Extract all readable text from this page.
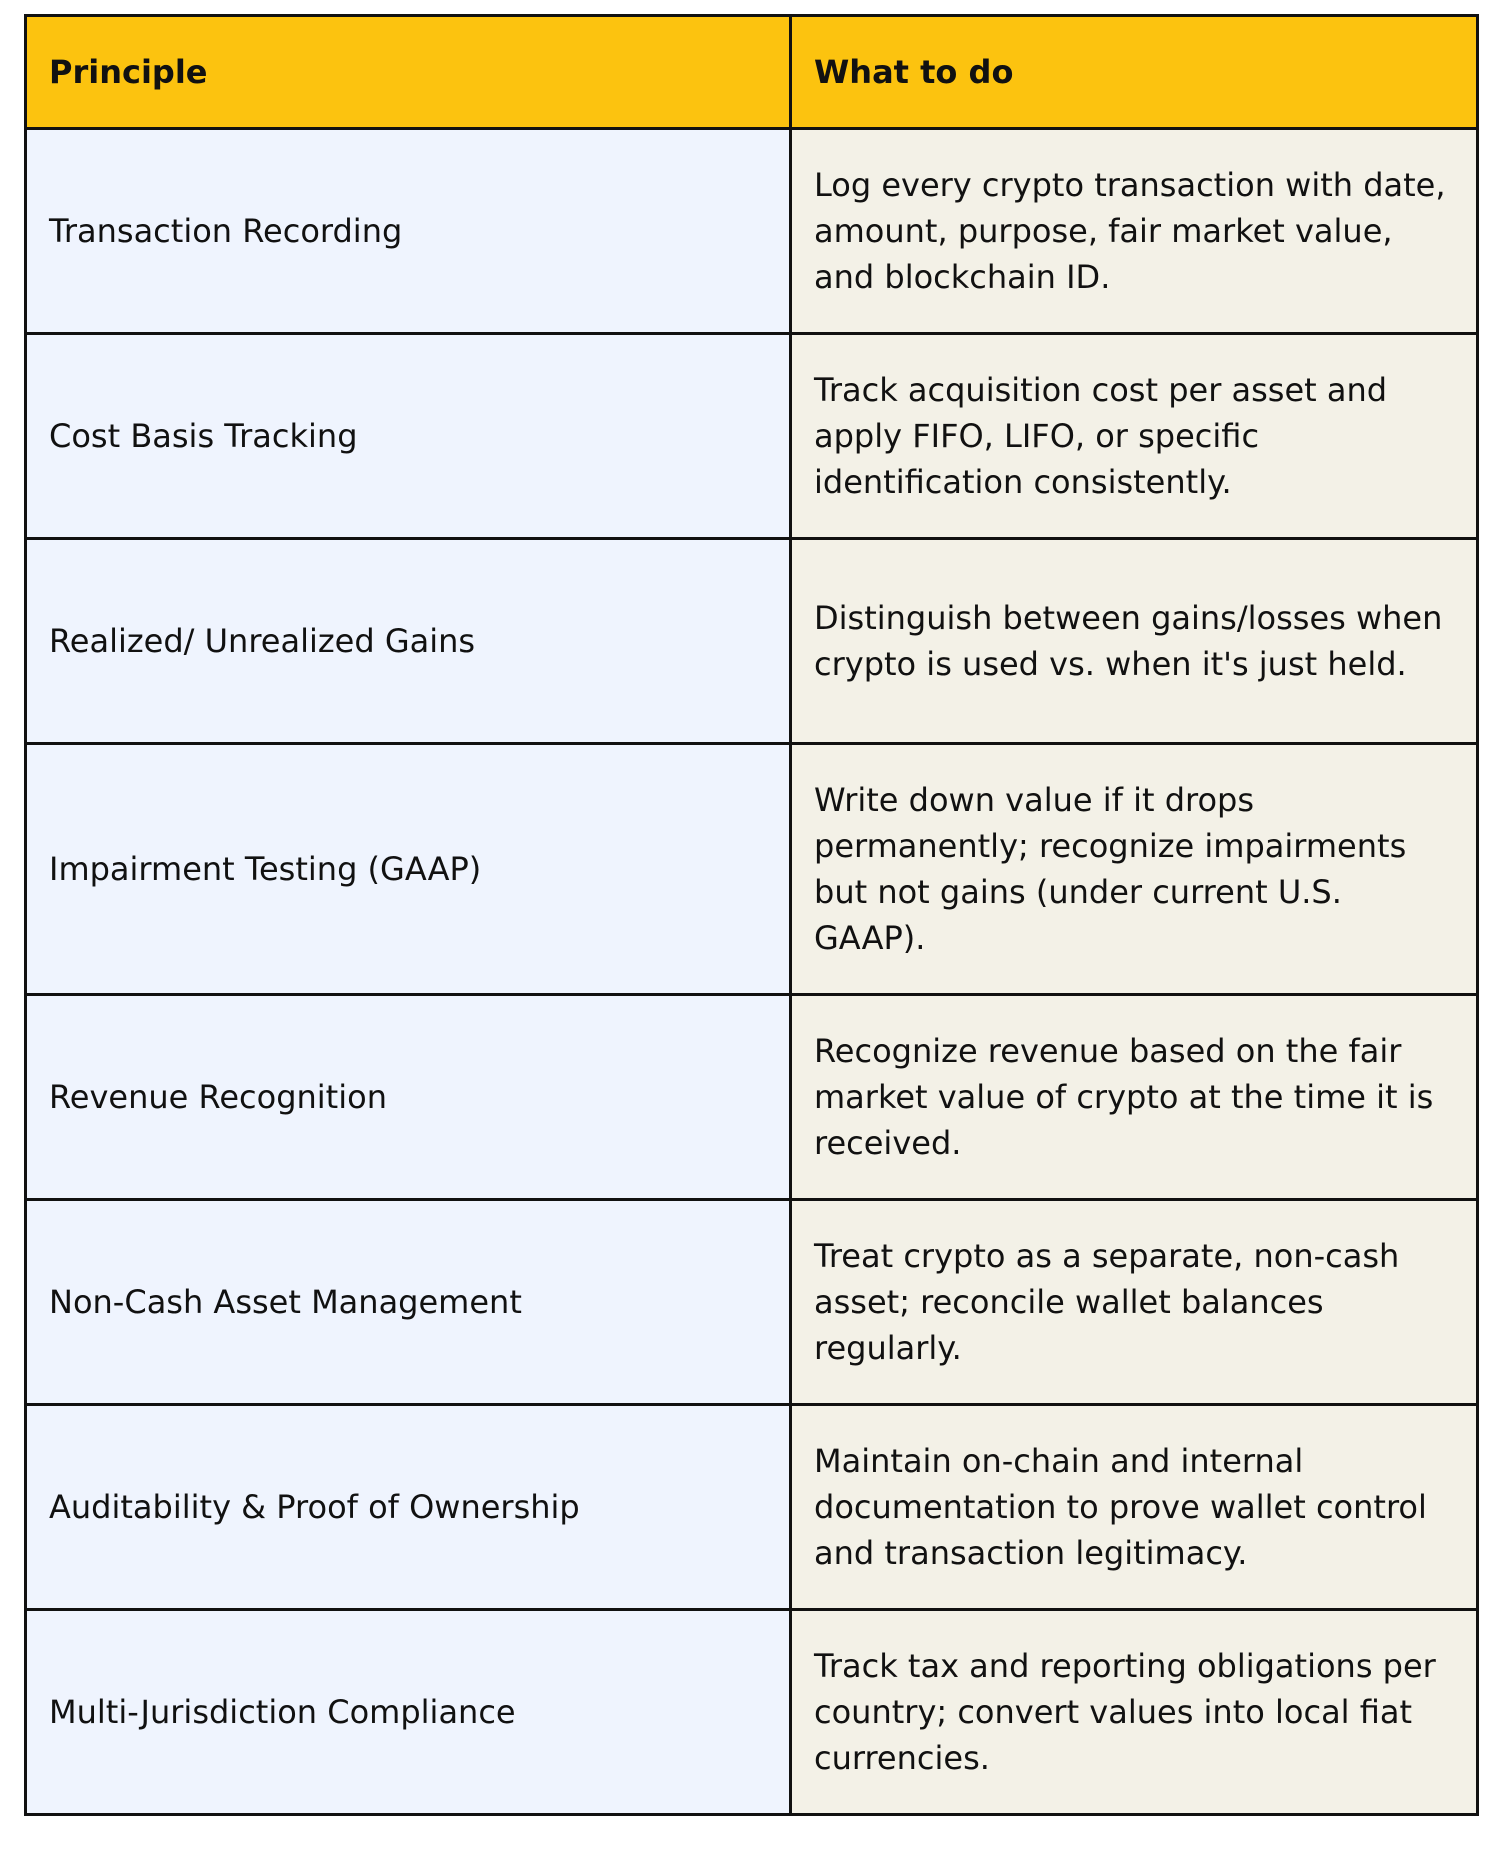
Principle	What to do
Transaction Recording	Log every crypto transaction with date, amount, purpose, fair market value, and blockchain ID.
Cost Basis Tracking	Track acquisition cost per asset and apply FIFO, LIFO, or specific identification consistently.
Realized/ Unrealized Gains	Distinguish between gains/losses when crypto is used vs. when it's just held.
Impairment Testing (GAAP)	Write down value if it drops permanently; recognize impairments but not gains (under current U.S. GAAP).
Revenue Recognition	Recognize revenue based on the fair market value of crypto at the time it is received.
Non-Cash Asset Management	Treat crypto as a separate, non-cash asset; reconcile wallet balances regularly.
Auditability & Proof of Ownership	Maintain on-chain and internal documentation to prove wallet control and transaction legitimacy.
Multi-Jurisdiction Compliance	Track tax and reporting obligations per country; convert values into local fiat currencies.
